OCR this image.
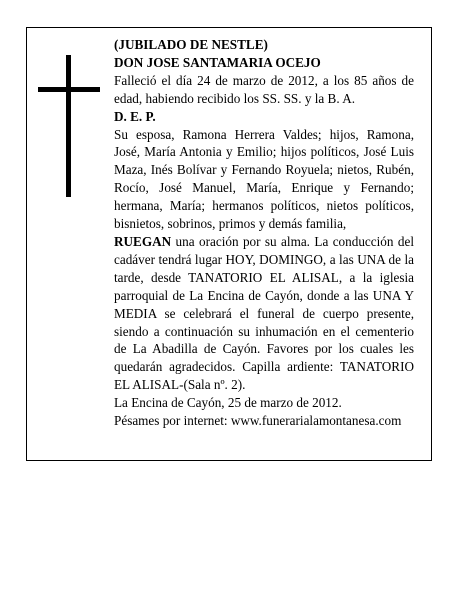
(JUBILADO DE NESTLE)

DON JOSE SANTAMARIA OCEJO

Falleció el día 24 de marzo de 2012, a los 85 años de edad, habiendo recibido los SS. SS. y la B. A.

D. E. P.

Su esposa, Ramona Herrera Valdes; hijos, Ramona, José, María Antonia y Emilio; hijos políticos, José Luis Maza, Inés Bolívar y Fernando Royuela; nietos, Rubén, Rocío, José Manuel, María, Enrique y Fernando; hermana, María; hermanos políticos, nietos políticos, bisnietos, sobrinos, primos y demás familia,

RUEGAN una oración por su alma. La conducción del cadáver tendrá lugar HOY, DOMINGO, a las UNA de la tarde, desde TANATORIO EL ALISAL, a la iglesia parroquial de La Encina de Cayón, donde a las UNA Y MEDIA se celebrará el funeral de cuerpo presente, siendo a continuación su inhumación en el cementerio de La Abadilla de Cayón. Favores por los cuales les quedarán agradecidos. Capilla ardiente: TANATORIO EL ALISAL-(Sala nº. 2).

La Encina de Cayón, 25 de marzo de 2012.

Pésames por internet: www.funerarialamontanesa.com
